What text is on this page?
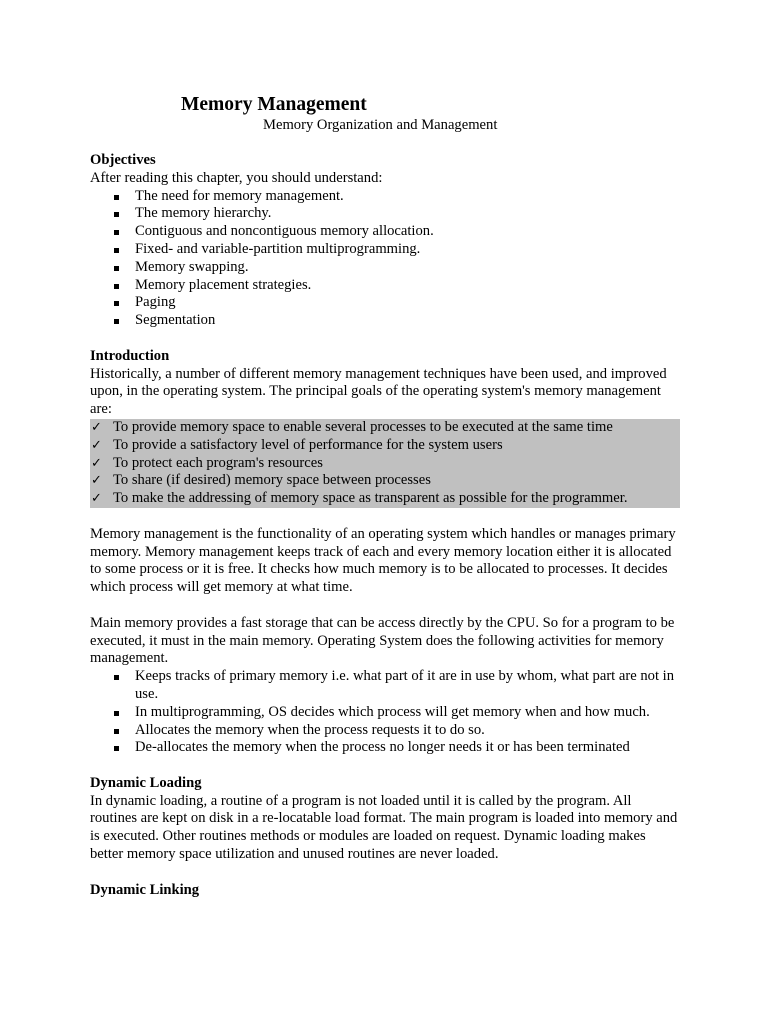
Memory Management

Memory Organization and Management

Objectives

After reading this chapter, you should understand:

The need for memory management.
The memory hierarchy.
Contiguous and noncontiguous memory allocation.
Fixed- and variable-partition multiprogramming.
Memory swapping.
Memory placement strategies.
Paging
Segmentation

Introduction

Historically, a number of different memory management techniques have been used, and improved upon, in the operating system. The principal goals of the operating system's memory management are:

✓ To provide memory space to enable several processes to be executed at the same time
✓ To provide a satisfactory level of performance for the system users
✓ To protect each program's resources
✓ To share (if desired) memory space between processes
✓ To make the addressing of memory space as transparent as possible for the programmer.

Memory management is the functionality of an operating system which handles or manages primary memory. Memory management keeps track of each and every memory location either it is allocated to some process or it is free. It checks how much memory is to be allocated to processes. It decides which process will get memory at what time.

Main memory provides a fast storage that can be access directly by the CPU. So for a program to be executed, it must in the main memory. Operating System does the following activities for memory management.

Keeps tracks of primary memory i.e. what part of it are in use by whom, what part are not in use.
In multiprogramming, OS decides which process will get memory when and how much.
Allocates the memory when the process requests it to do so.
De-allocates the memory when the process no longer needs it or has been terminated

Dynamic Loading

In dynamic loading, a routine of a program is not loaded until it is called by the program. All routines are kept on disk in a re-locatable load format. The main program is loaded into memory and is executed. Other routines methods or modules are loaded on request. Dynamic loading makes better memory space utilization and unused routines are never loaded.

Dynamic Linking
